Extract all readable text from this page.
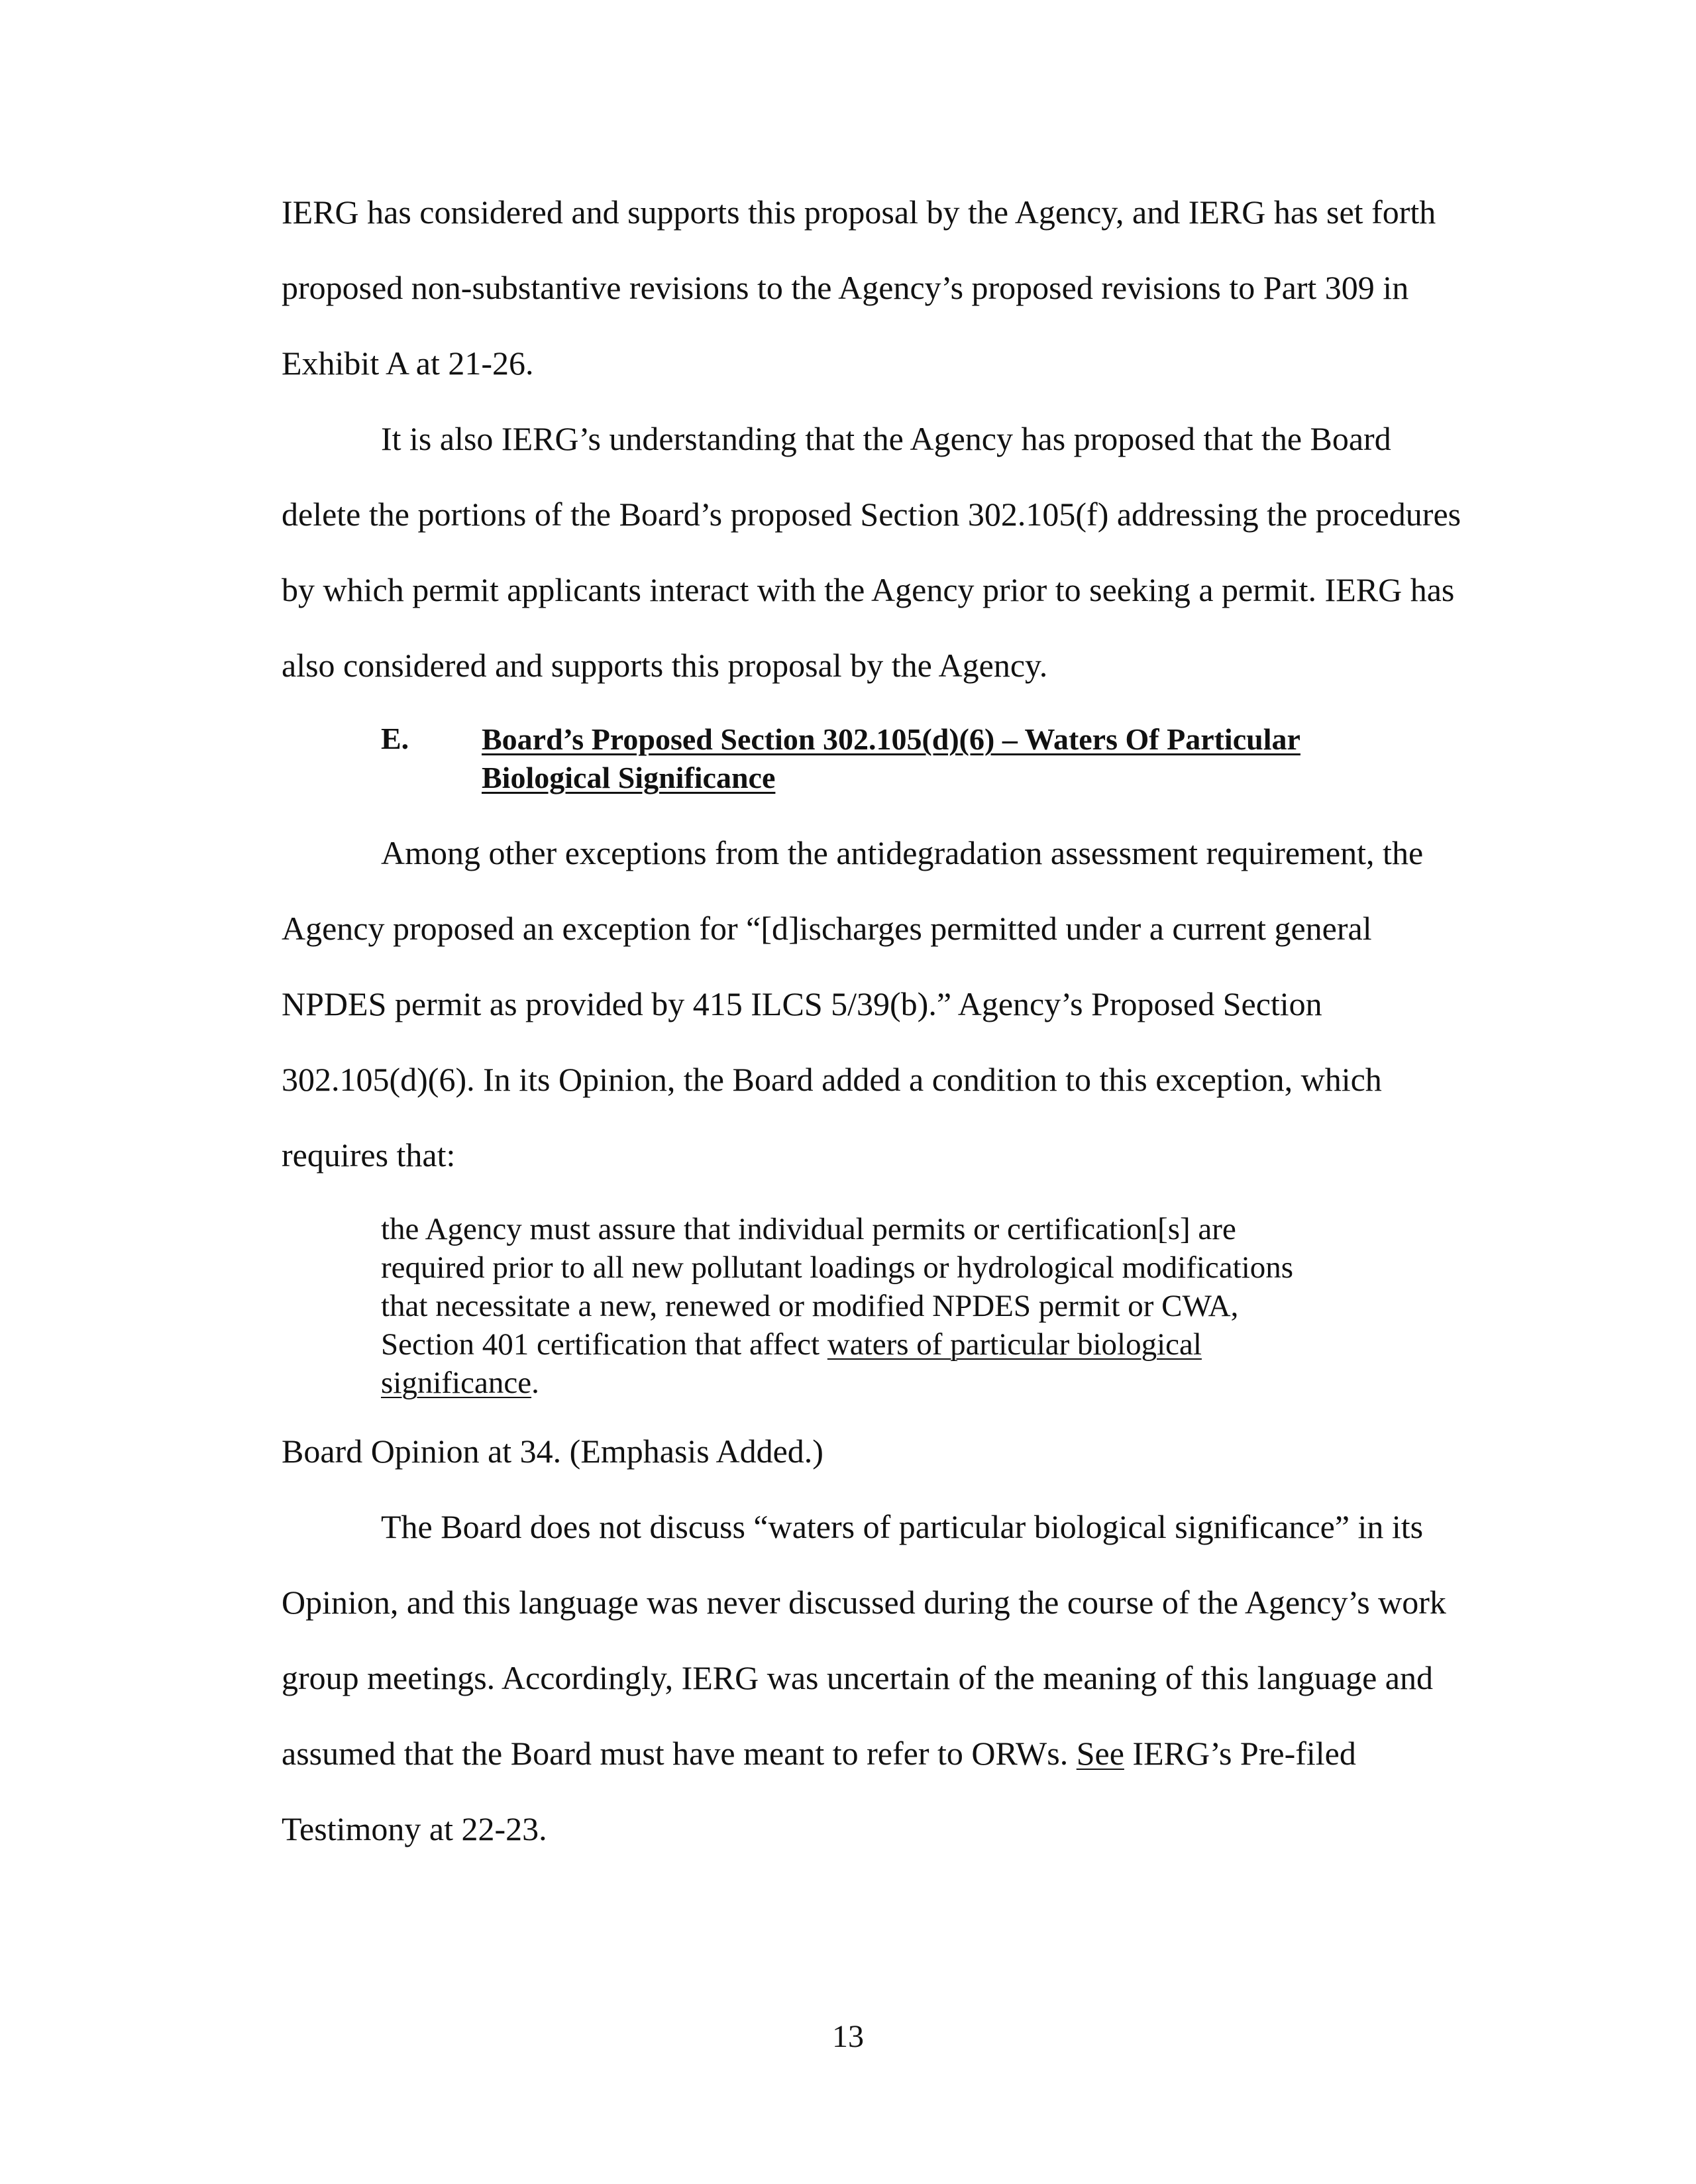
IERG has considered and supports this proposal by the Agency, and IERG has set forth
proposed non-substantive revisions to the Agency’s proposed revisions to Part 309 in
Exhibit A at 21-26.
It is also IERG’s understanding that the Agency has proposed that the Board
delete the portions of the Board’s proposed Section 302.105(f) addressing the procedures
by which permit applicants interact with the Agency prior to seeking a permit. IERG has
also considered and supports this proposal by the Agency.
E. Board’s Proposed Section 302.105(d)(6) – Waters Of Particular
Biological Significance
Among other exceptions from the antidegradation assessment requirement, the
Agency proposed an exception for “[d]ischarges permitted under a current general
NPDES permit as provided by 415 ILCS 5/39(b).” Agency’s Proposed Section
302.105(d)(6). In its Opinion, the Board added a condition to this exception, which
requires that:
the Agency must assure that individual permits or certification[s] are
required prior to all new pollutant loadings or hydrological modifications
that necessitate a new, renewed or modified NPDES permit or CWA,
Section 401 certification that affect waters of particular biological
significance.
Board Opinion at 34. (Emphasis Added.)
The Board does not discuss “waters of particular biological significance” in its
Opinion, and this language was never discussed during the course of the Agency’s work
group meetings. Accordingly, IERG was uncertain of the meaning of this language and
assumed that the Board must have meant to refer to ORWs. See IERG’s Pre-filed
Testimony at 22-23.
13
